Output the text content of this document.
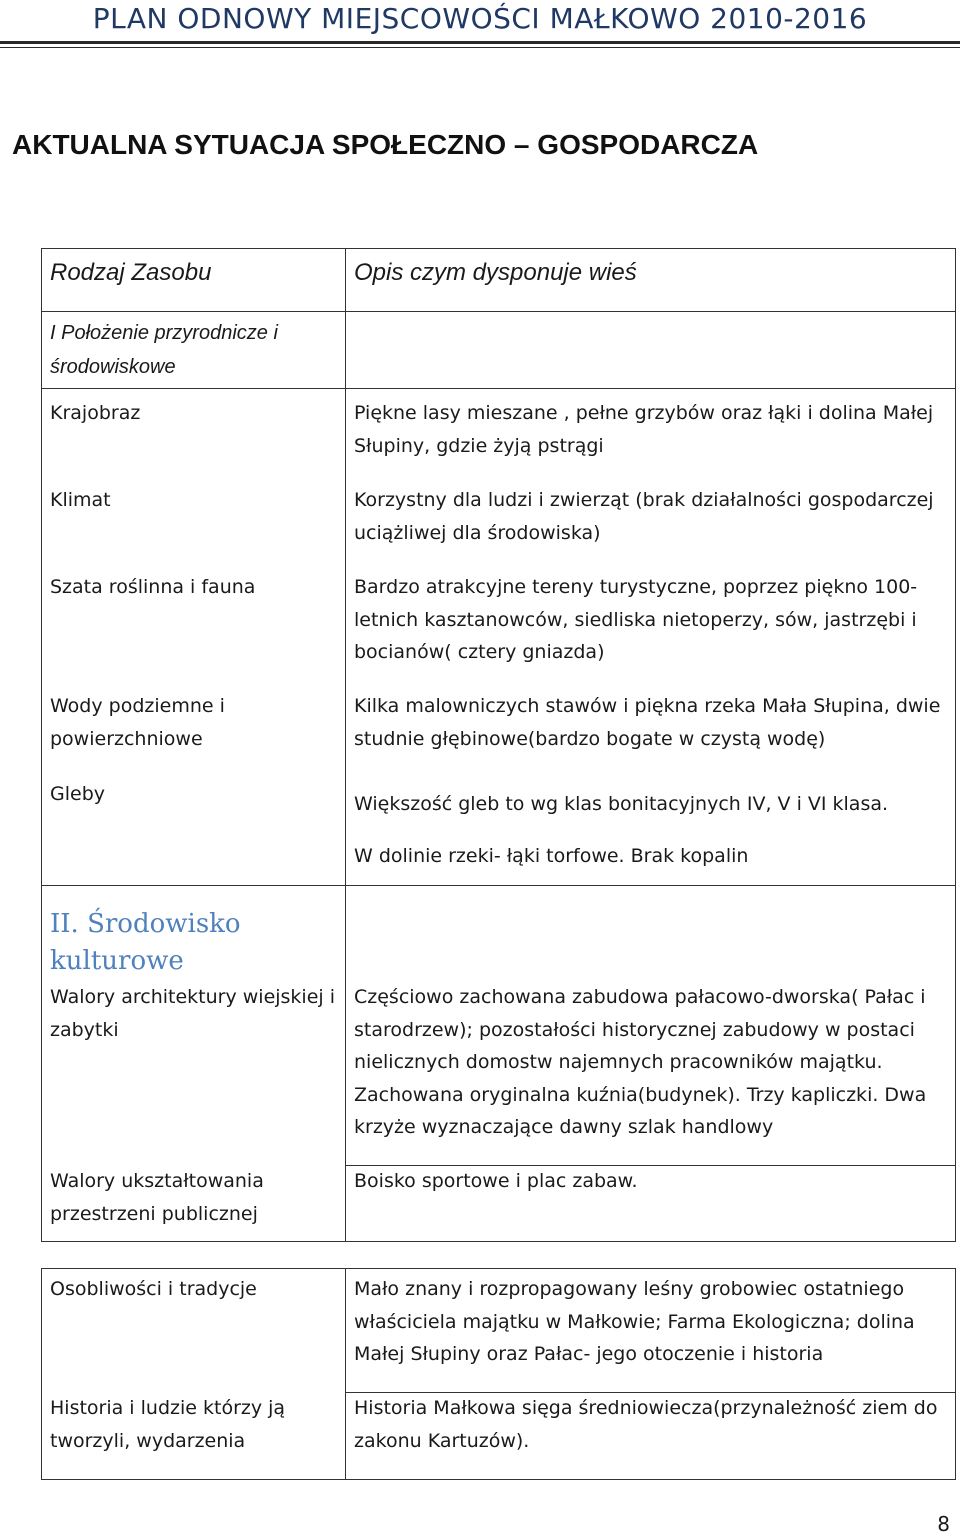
PLAN ODNOWY MIEJSCOWOŚCI MAŁKOWO 2010-2016
AKTUALNA SYTUACJA SPOŁECZNO – GOSPODARCZA
Rodzaj Zasobu	Opis czym dysponuje wieś
I Położenie przyrodnicze i
środowiskowe
Krajobraz
Klimat
Szata roślinna i fauna
Wody podziemne i
powierzchniowe
Gleby
Piękne lasy mieszane , pełne grzybów oraz łąki i dolina Małej
Słupiny, gdzie żyją pstrągi
Korzystny dla ludzi i zwierząt (brak działalności gospodarczej
uciążliwej dla środowiska)
Bardzo atrakcyjne tereny turystyczne, poprzez piękno 100-
letnich kasztanowców, siedliska nietoperzy, sów, jastrzębi i
bocianów( cztery gniazda)
Kilka malowniczych stawów i piękna rzeka Mała Słupina, dwie
studnie głębinowe(bardzo bogate w czystą wodę)
Większość gleb to wg klas bonitacyjnych IV, V i VI klasa.
W dolinie rzeki- łąki torfowe. Brak kopalin
II. Środowisko
kulturowe
Walory architektury wiejskiej i
zabytki
Walory ukształtowania
przestrzeni publicznej
Częściowo zachowana zabudowa pałacowo-dworska( Pałac i
starodrzew); pozostałości historycznej zabudowy w postaci
nielicznych domostw najemnych pracowników majątku.
Zachowana oryginalna kuźnia(budynek). Trzy kapliczki. Dwa
krzyże wyznaczające dawny szlak handlowy
Boisko sportowe i plac zabaw.
Osobliwości i tradycje
Historia i ludzie którzy ją
tworzyli, wydarzenia
Mało znany i rozpropagowany leśny grobowiec ostatniego
właściciela majątku w Małkowie; Farma Ekologiczna; dolina
Małej Słupiny oraz Pałac- jego otoczenie i historia
Historia Małkowa sięga średniowiecza(przynależność ziem do
zakonu Kartuzów).
8
